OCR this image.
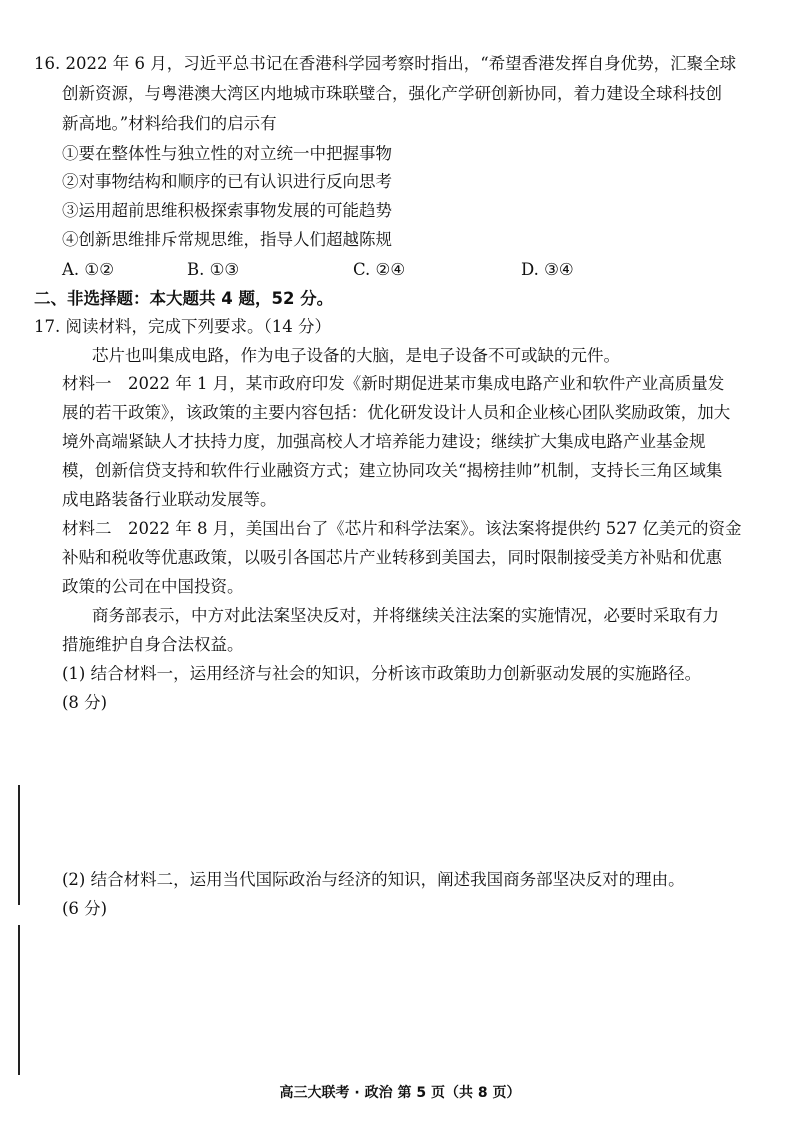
16. 2022 年 6 月，习近平总书记在香港科学园考察时指出，“希望香港发挥自身优势，汇聚全球
创新资源，与粤港澳大湾区内地城市珠联璧合，强化产学研创新协同，着力建设全球科技创
新高地。”材料给我们的启示有
①要在整体性与独立性的对立统一中把握事物
②对事物结构和顺序的已有认识进行反向思考
③运用超前思维积极探索事物发展的可能趋势
④创新思维排斥常规思维，指导人们超越陈规
A. ①②	B. ①③	C. ②④	D. ③④
二、非选择题：本大题共 4 题，52 分。
17. 阅读材料，完成下列要求。（14 分）
芯片也叫集成电路，作为电子设备的大脑，是电子设备不可或缺的元件。
材料一　2022 年 1 月，某市政府印发《新时期促进某市集成电路产业和软件产业高质量发
展的若干政策》，该政策的主要内容包括：优化研发设计人员和企业核心团队奖励政策，加大
境外高端紧缺人才扶持力度，加强高校人才培养能力建设；继续扩大集成电路产业基金规
模，创新信贷支持和软件行业融资方式；建立协同攻关“揭榜挂帅”机制，支持长三角区域集
成电路装备行业联动发展等。
材料二　2022 年 8 月，美国出台了《芯片和科学法案》。该法案将提供约 527 亿美元的资金
补贴和税收等优惠政策，以吸引各国芯片产业转移到美国去，同时限制接受美方补贴和优惠
政策的公司在中国投资。
商务部表示，中方对此法案坚决反对，并将继续关注法案的实施情况，必要时采取有力
措施维护自身合法权益。
(1) 结合材料一，运用经济与社会的知识，分析该市政策助力创新驱动发展的实施路径。
(8 分)
(2) 结合材料二，运用当代国际政治与经济的知识，阐述我国商务部坚决反对的理由。
(6 分)
高三大联考 · 政治 第 5 页（共 8 页）
